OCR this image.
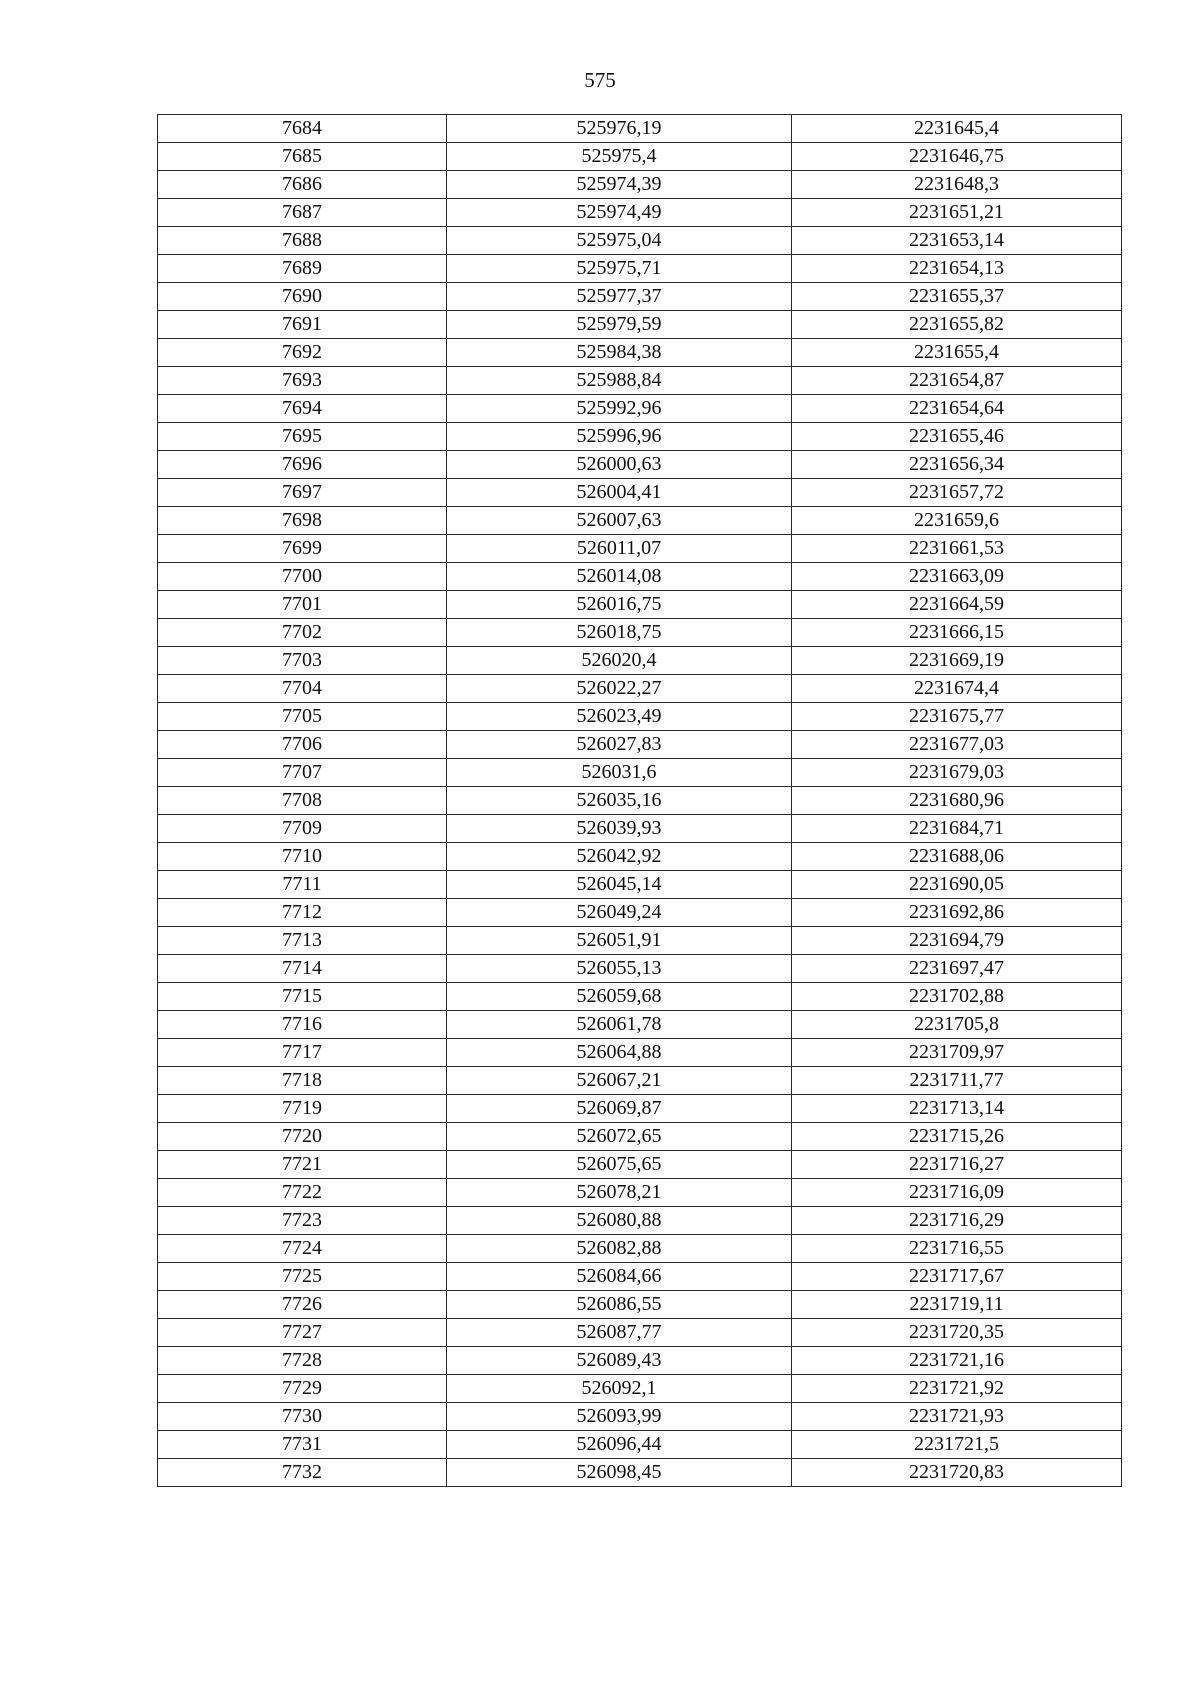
575
7684	525976,19	2231645,4
7685	525975,4	2231646,75
7686	525974,39	2231648,3
7687	525974,49	2231651,21
7688	525975,04	2231653,14
7689	525975,71	2231654,13
7690	525977,37	2231655,37
7691	525979,59	2231655,82
7692	525984,38	2231655,4
7693	525988,84	2231654,87
7694	525992,96	2231654,64
7695	525996,96	2231655,46
7696	526000,63	2231656,34
7697	526004,41	2231657,72
7698	526007,63	2231659,6
7699	526011,07	2231661,53
7700	526014,08	2231663,09
7701	526016,75	2231664,59
7702	526018,75	2231666,15
7703	526020,4	2231669,19
7704	526022,27	2231674,4
7705	526023,49	2231675,77
7706	526027,83	2231677,03
7707	526031,6	2231679,03
7708	526035,16	2231680,96
7709	526039,93	2231684,71
7710	526042,92	2231688,06
7711	526045,14	2231690,05
7712	526049,24	2231692,86
7713	526051,91	2231694,79
7714	526055,13	2231697,47
7715	526059,68	2231702,88
7716	526061,78	2231705,8
7717	526064,88	2231709,97
7718	526067,21	2231711,77
7719	526069,87	2231713,14
7720	526072,65	2231715,26
7721	526075,65	2231716,27
7722	526078,21	2231716,09
7723	526080,88	2231716,29
7724	526082,88	2231716,55
7725	526084,66	2231717,67
7726	526086,55	2231719,11
7727	526087,77	2231720,35
7728	526089,43	2231721,16
7729	526092,1	2231721,92
7730	526093,99	2231721,93
7731	526096,44	2231721,5
7732	526098,45	2231720,83
